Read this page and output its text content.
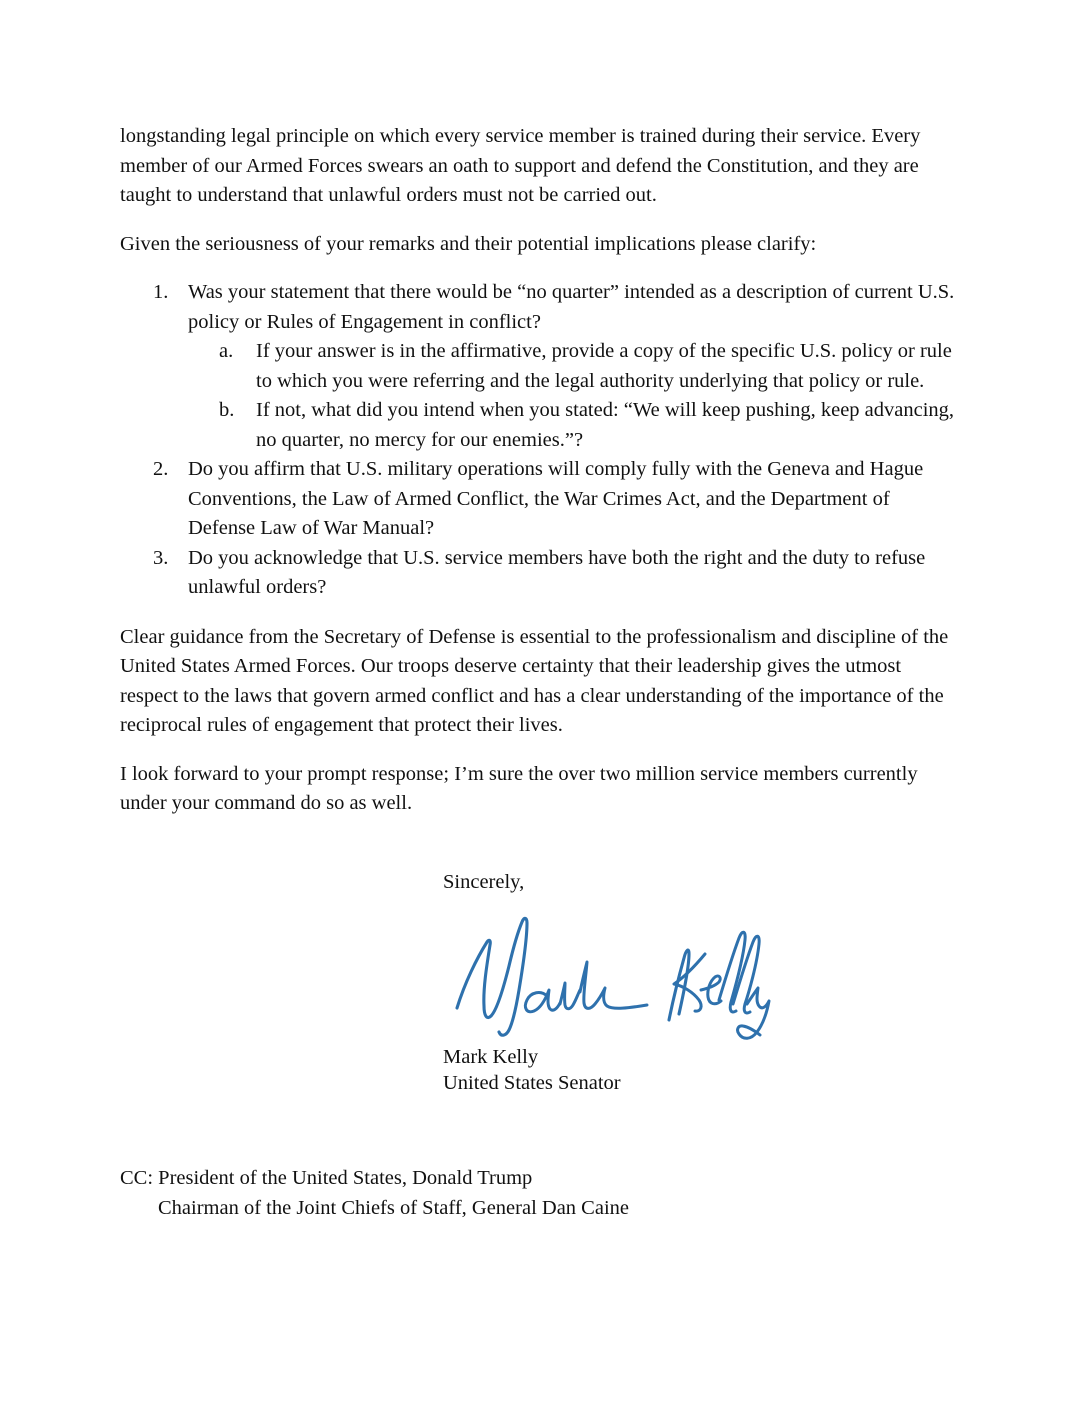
longstanding legal principle on which every service member is trained during their service. Every member of our Armed Forces swears an oath to support and defend the Constitution, and they are taught to understand that unlawful orders must not be carried out.

Given the seriousness of your remarks and their potential implications please clarify:

1. Was your statement that there would be “no quarter” intended as a description of current U.S. policy or Rules of Engagement in conflict?
a.	If your answer is in the affirmative, provide a copy of the specific U.S. policy or rule to which you were referring and the legal authority underlying that policy or rule.
b.	If not, what did you intend when you stated: “We will keep pushing, keep advancing, no quarter, no mercy for our enemies.”?
2. Do you affirm that U.S. military operations will comply fully with the Geneva and Hague Conventions, the Law of Armed Conflict, the War Crimes Act, and the Department of Defense Law of War Manual?
3. Do you acknowledge that U.S. service members have both the right and the duty to refuse unlawful orders?

Clear guidance from the Secretary of Defense is essential to the professionalism and discipline of the United States Armed Forces. Our troops deserve certainty that their leadership gives the utmost respect to the laws that govern armed conflict and has a clear understanding of the importance of the reciprocal rules of engagement that protect their lives.

I look forward to your prompt response; I’m sure the over two million service members currently under your command do so as well.

Sincerely,
Mark Kelly
United States Senator
CC: President of the United States, Donald Trump
Chairman of the Joint Chiefs of Staff, General Dan Caine
